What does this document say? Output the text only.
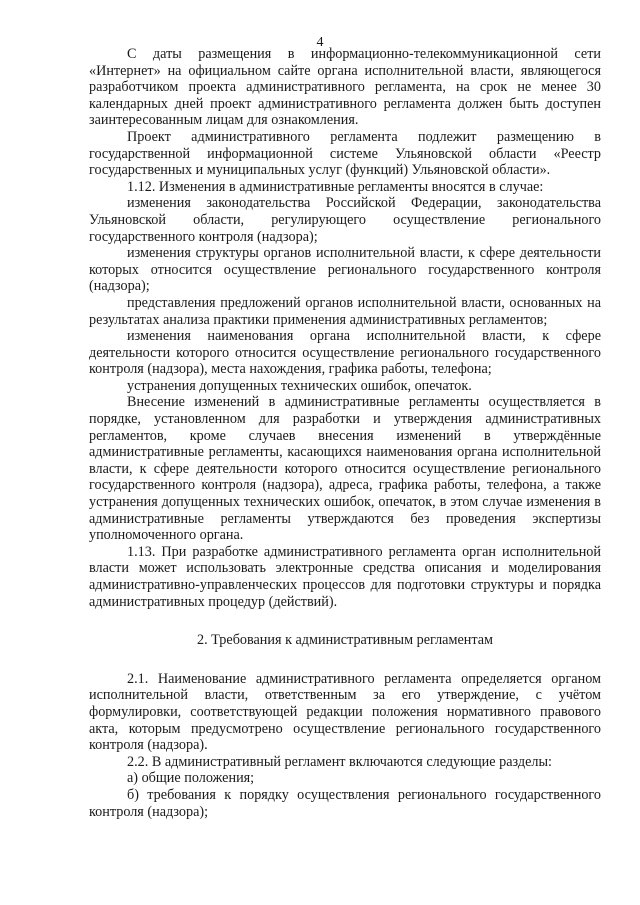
4

С даты размещения в информационно-телекоммуникационной сети «Интернет» на официальном сайте органа исполнительной власти, являющегося разработчиком проекта административного регламента, на срок не менее 30 календарных дней проект административного регламента должен быть доступен заинтересованным лицам для ознакомления.

Проект административного регламента подлежит размещению в государственной информационной системе Ульяновской области «Реестр государственных и муниципальных услуг (функций) Ульяновской области».

1.12. Изменения в административные регламенты вносятся в случае:

изменения законодательства Российской Федерации, законодательства Ульяновской области, регулирующего осуществление регионального государственного контроля (надзора);

изменения структуры органов исполнительной власти, к сфере деятельности которых относится осуществление регионального государственного контроля (надзора);

представления предложений органов исполнительной власти, основанных на результатах анализа практики применения административных регламентов;

изменения наименования органа исполнительной власти, к сфере деятельности которого относится осуществление регионального государственного контроля (надзора), места нахождения, графика работы, телефона;

устранения допущенных технических ошибок, опечаток.

Внесение изменений в административные регламенты осуществляется в порядке, установленном для разработки и утверждения административных регламентов, кроме случаев внесения изменений в утверждённые административные регламенты, касающихся наименования органа исполнительной власти, к сфере деятельности которого относится осуществление регионального государственного контроля (надзора), адреса, графика работы, телефона, а также устранения допущенных технических ошибок, опечаток, в этом случае изменения в административные регламенты утверждаются без проведения экспертизы уполномоченного органа.

1.13. При разработке административного регламента орган исполнительной власти может использовать электронные средства описания и моделирования административно-управленческих процессов для подготовки структуры и порядка административных процедур (действий).

2. Требования к административным регламентам

2.1. Наименование административного регламента определяется органом исполнительной власти, ответственным за его утверждение, с учётом формулировки, соответствующей редакции положения нормативного правового акта, которым предусмотрено осуществление регионального государственного контроля (надзора).

2.2. В административный регламент включаются следующие разделы:

а) общие положения;

б) требования к порядку осуществления регионального государственного контроля (надзора);
